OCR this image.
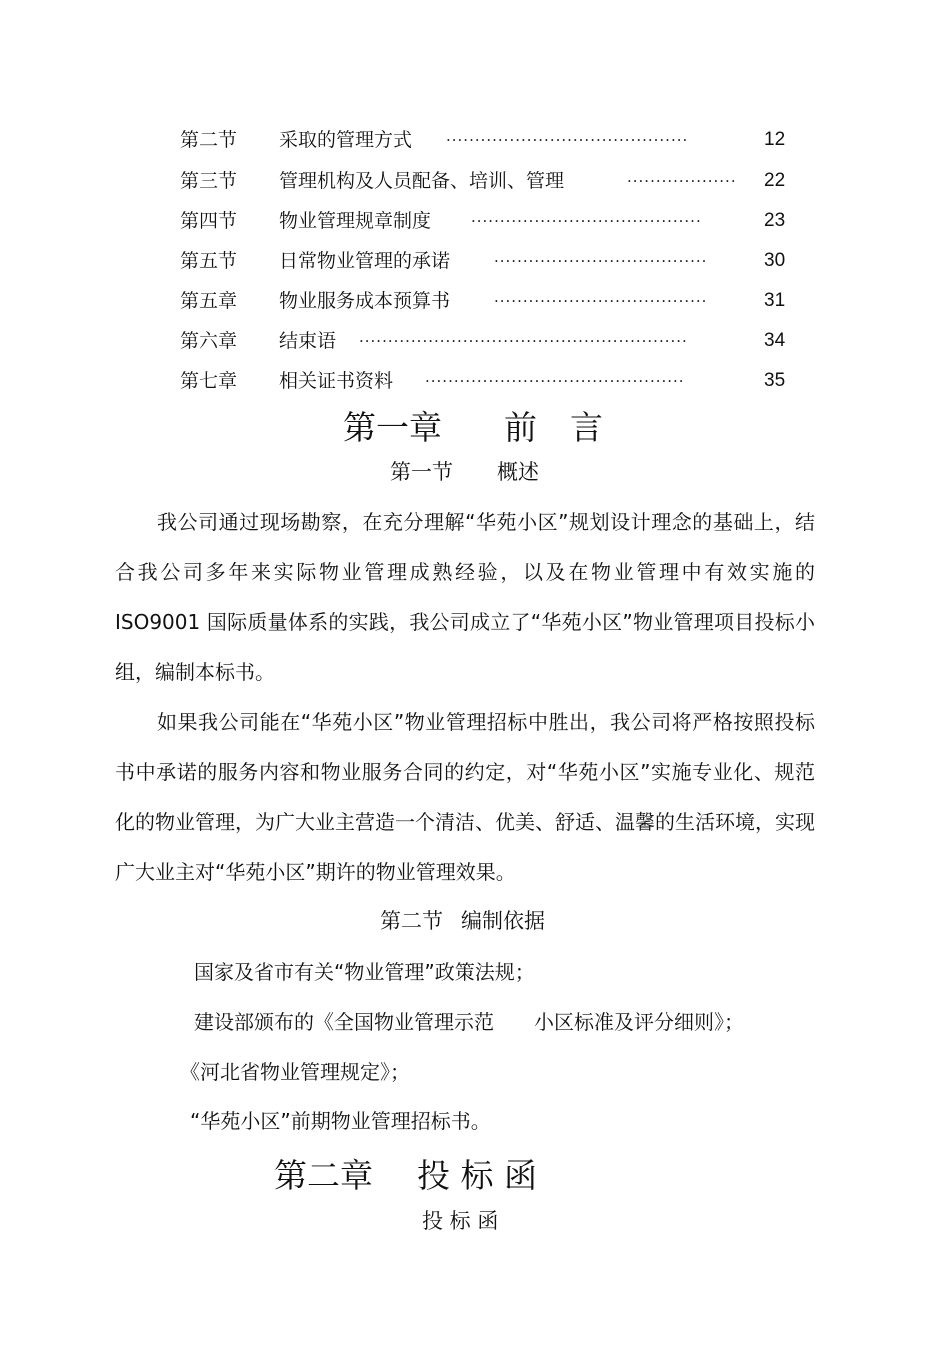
第二节 采取的管理方式 ··········································	12
第三节 管理机构及人员配备、培训、管理	···················	22
第四节 物业管理规章制度	········································	23
第五节 日常物业管理的承诺	·····································	30
第五章 物业服务成本预算书	·····································	31
第六章 结束语 ·························································	34
第七章 相关证书资料 ·············································	35
第一章 前　言
第一节 概述

我公司通过现场勘察，在充分理解“华苑小区”规划设计理念的基础上，结合我公司多年来实际物业管理成熟经验，以及在物业管理中有效实施的 ISO9001 国际质量体系的实践，我公司成立了“华苑小区”物业管理项目投标小组，编制本标书。

如果我公司能在“华苑小区”物业管理招标中胜出，我公司将严格按照投标书中承诺的服务内容和物业服务合同的约定，对“华苑小区”实施专业化、规范化的物业管理，为广大业主营造一个清洁、优美、舒适、温馨的生活环境，实现广大业主对“华苑小区”期许的物业管理效果。

第二节 编制依据
国家及省市有关“物业管理”政策法规；
建设部颁布的《全国物业管理示范　　小区标准及评分细则》；
《河北省物业管理规定》；
“华苑小区”前期物业管理招标书。
第二章 投 标 函
投 标 函
